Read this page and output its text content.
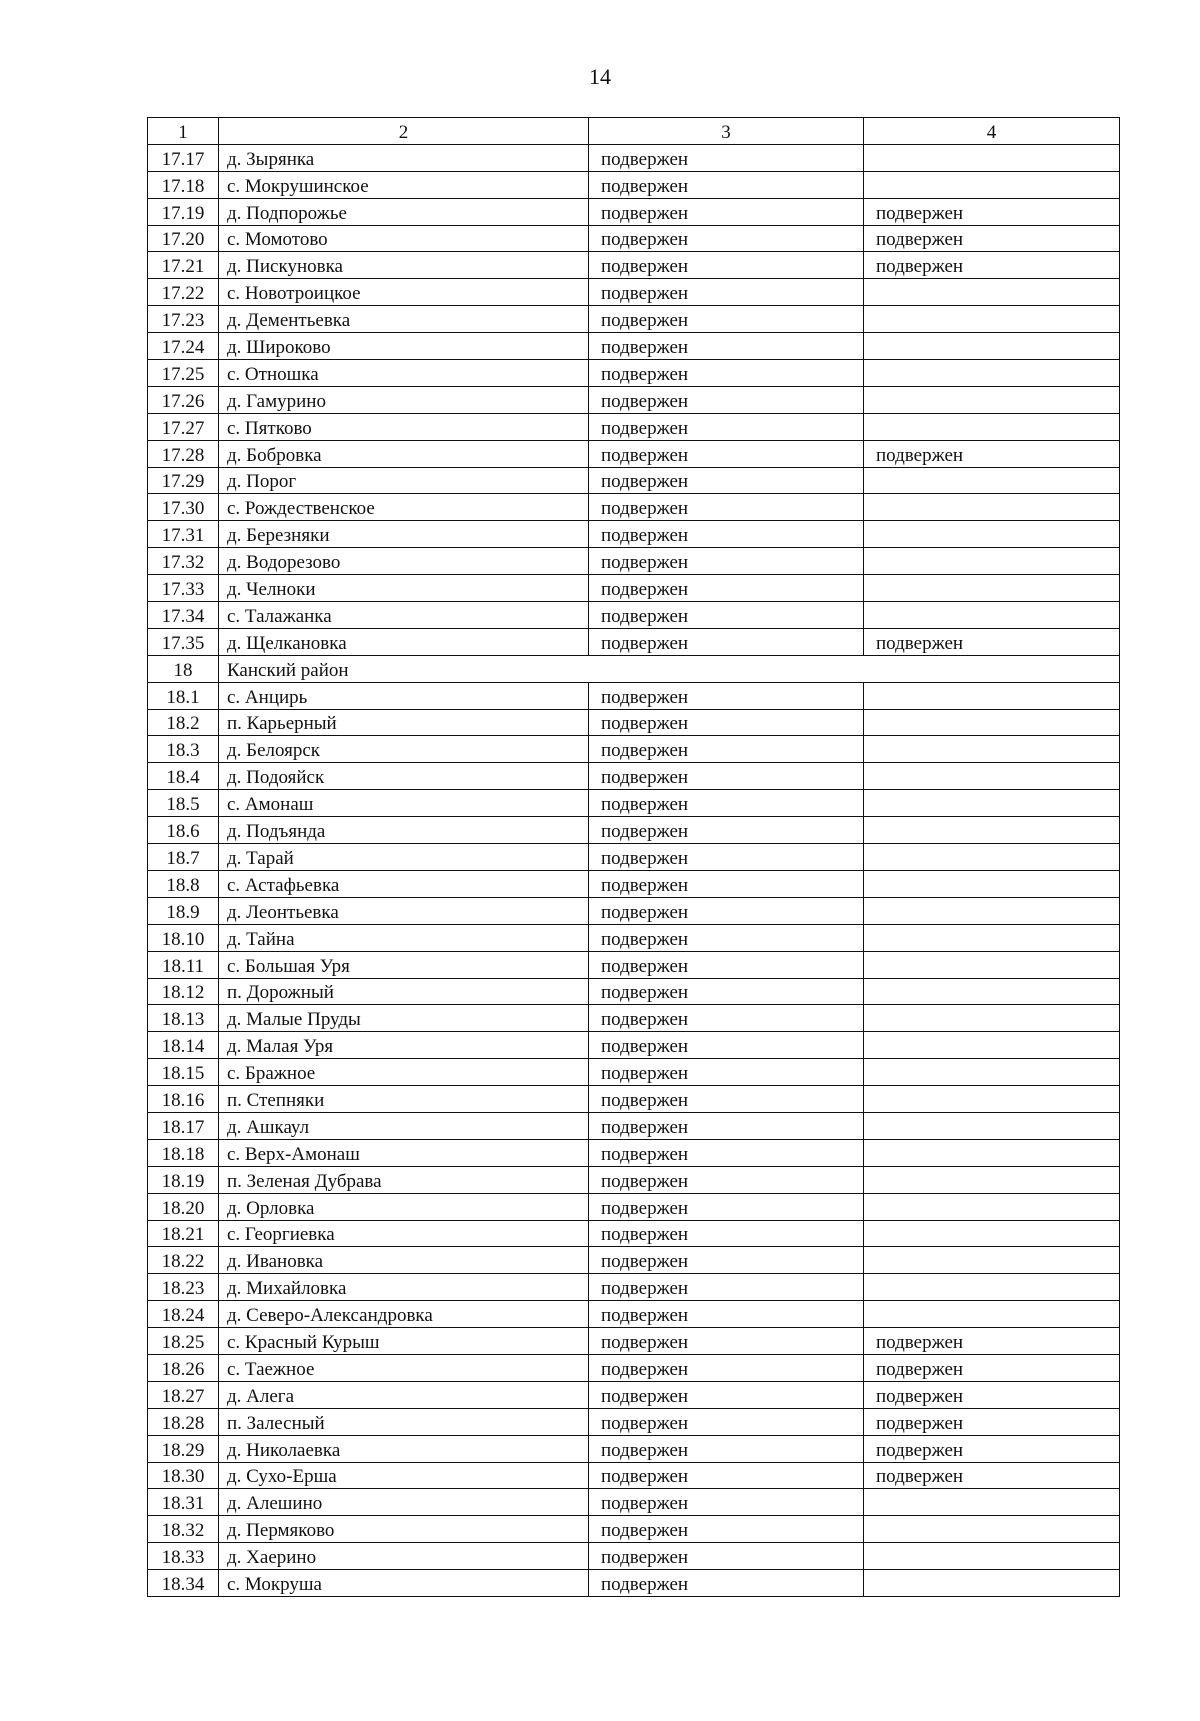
14
1	2	3	4
17.17	д. Зырянка	подвержен	
17.18	с. Мокрушинское	подвержен	
17.19	д. Подпорожье	подвержен	подвержен
17.20	с. Момотово	подвержен	подвержен
17.21	д. Пискуновка	подвержен	подвержен
17.22	с. Новотроицкое	подвержен	
17.23	д. Дементьевка	подвержен	
17.24	д. Широково	подвержен	
17.25	с. Отношка	подвержен	
17.26	д. Гамурино	подвержен	
17.27	с. Пятково	подвержен	
17.28	д. Бобровка	подвержен	подвержен
17.29	д. Порог	подвержен	
17.30	с. Рождественское	подвержен	
17.31	д. Березняки	подвержен	
17.32	д. Водорезово	подвержен	
17.33	д. Челноки	подвержен	
17.34	с. Талажанка	подвержен	
17.35	д. Щелкановка	подвержен	подвержен
18	Канский район		
18.1	с. Анцирь	подвержен	
18.2	п. Карьерный	подвержен	
18.3	д. Белоярск	подвержен	
18.4	д. Подояйск	подвержен	
18.5	с. Амонаш	подвержен	
18.6	д. Подъянда	подвержен	
18.7	д. Тарай	подвержен	
18.8	с. Астафьевка	подвержен	
18.9	д. Леонтьевка	подвержен	
18.10	д. Тайна	подвержен	
18.11	с. Большая Уря	подвержен	
18.12	п. Дорожный	подвержен	
18.13	д. Малые Пруды	подвержен	
18.14	д. Малая Уря	подвержен	
18.15	с. Бражное	подвержен	
18.16	п. Степняки	подвержен	
18.17	д. Ашкаул	подвержен	
18.18	с. Верх-Амонаш	подвержен	
18.19	п. Зеленая Дубрава	подвержен	
18.20	д. Орловка	подвержен	
18.21	с. Георгиевка	подвержен	
18.22	д. Ивановка	подвержен	
18.23	д. Михайловка	подвержен	
18.24	д. Северо-Александровка	подвержен	
18.25	с. Красный Курыш	подвержен	подвержен
18.26	с. Таежное	подвержен	подвержен
18.27	д. Алега	подвержен	подвержен
18.28	п. Залесный	подвержен	подвержен
18.29	д. Николаевка	подвержен	подвержен
18.30	д. Сухо-Ерша	подвержен	подвержен
18.31	д. Алешино	подвержен	
18.32	д. Пермяково	подвержен	
18.33	д. Хаерино	подвержен	
18.34	с. Мокруша	подвержен	
